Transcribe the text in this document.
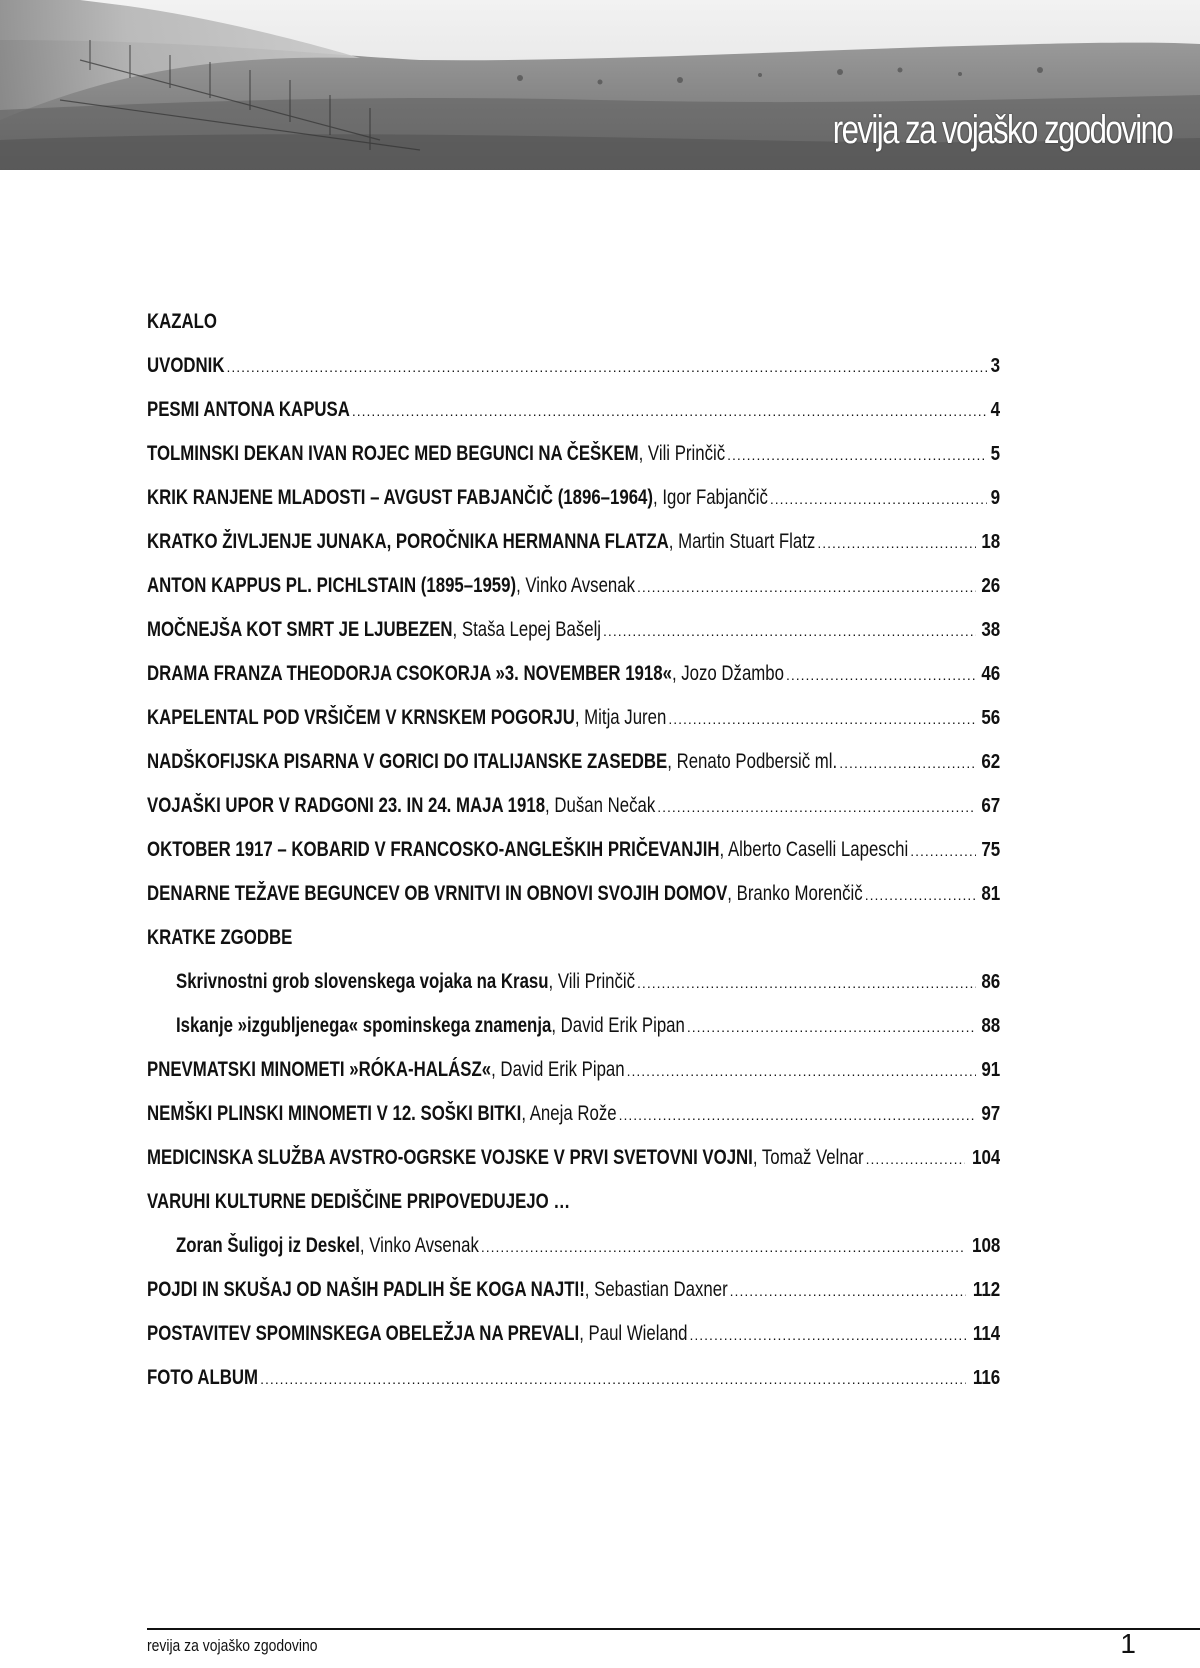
revija za vojaško zgodovino
KAZALO
UVODNIK .....	3
PESMI ANTONA KAPUSA .....	4
TOLMINSKI DEKAN IVAN ROJEC MED BEGUNCI NA ČEŠKEM, Vili Prinčič .....	5
KRIK RANJENE MLADOSTI – AVGUST FABJANČIČ (1896–1964), Igor Fabjančič .....	9
KRATKO ŽIVLJENJE JUNAKA, POROČNIKA HERMANNA FLATZA, Martin Stuart Flatz .....	18
ANTON KAPPUS PL. PICHLSTAIN (1895–1959), Vinko Avsenak .....	26
MOČNEJŠA KOT SMRT JE LJUBEZEN, Staša Lepej Bašelj .....	38
DRAMA FRANZA THEODORJA CSOKORJA »3. NOVEMBER 1918«, Jozo Džambo .....	46
KAPELENTAL POD VRŠIČEM V KRNSKEM POGORJU, Mitja Juren .....	56
NADŠKOFIJSKA PISARNA V GORICI DO ITALIJANSKE ZASEDBE, Renato Podbersič ml. .....	62
VOJAŠKI UPOR V RADGONI 23. IN 24. MAJA 1918, Dušan Nečak .....	67
OKTOBER 1917 – KOBARID V FRANCOSKO-ANGLEŠKIH PRIČEVANJIH, Alberto Caselli Lapeschi .....	75
DENARNE TEŽAVE BEGUNCEV OB VRNITVI IN OBNOVI SVOJIH DOMOV, Branko Morenčič .....	81
KRATKE ZGODBE
Skrivnostni grob slovenskega vojaka na Krasu, Vili Prinčič .....	86
Iskanje »izgubljenega« spominskega znamenja, David Erik Pipan .....	88
PNEVMATSKI MINOMETI »RÓKA-HALÁSZ«, David Erik Pipan .....	91
NEMŠKI PLINSKI MINOMETI V 12. SOŠKI BITKI, Aneja Rože .....	97
MEDICINSKA SLUŽBA AVSTRO-OGRSKE VOJSKE V PRVI SVETOVNI VOJNI, Tomaž Velnar .....	104
VARUHI KULTURNE DEDIŠČINE PRIPOVEDUJEJO …
Zoran Šuligoj iz Deskel, Vinko Avsenak .....	108
POJDI IN SKUŠAJ OD NAŠIH PADLIH ŠE KOGA NAJTI!, Sebastian Daxner .....	112
POSTAVITEV SPOMINSKEGA OBELEŽJA NA PREVALI, Paul Wieland .....	114
FOTO ALBUM .....	116
revija za vojaško zgodovino	1
